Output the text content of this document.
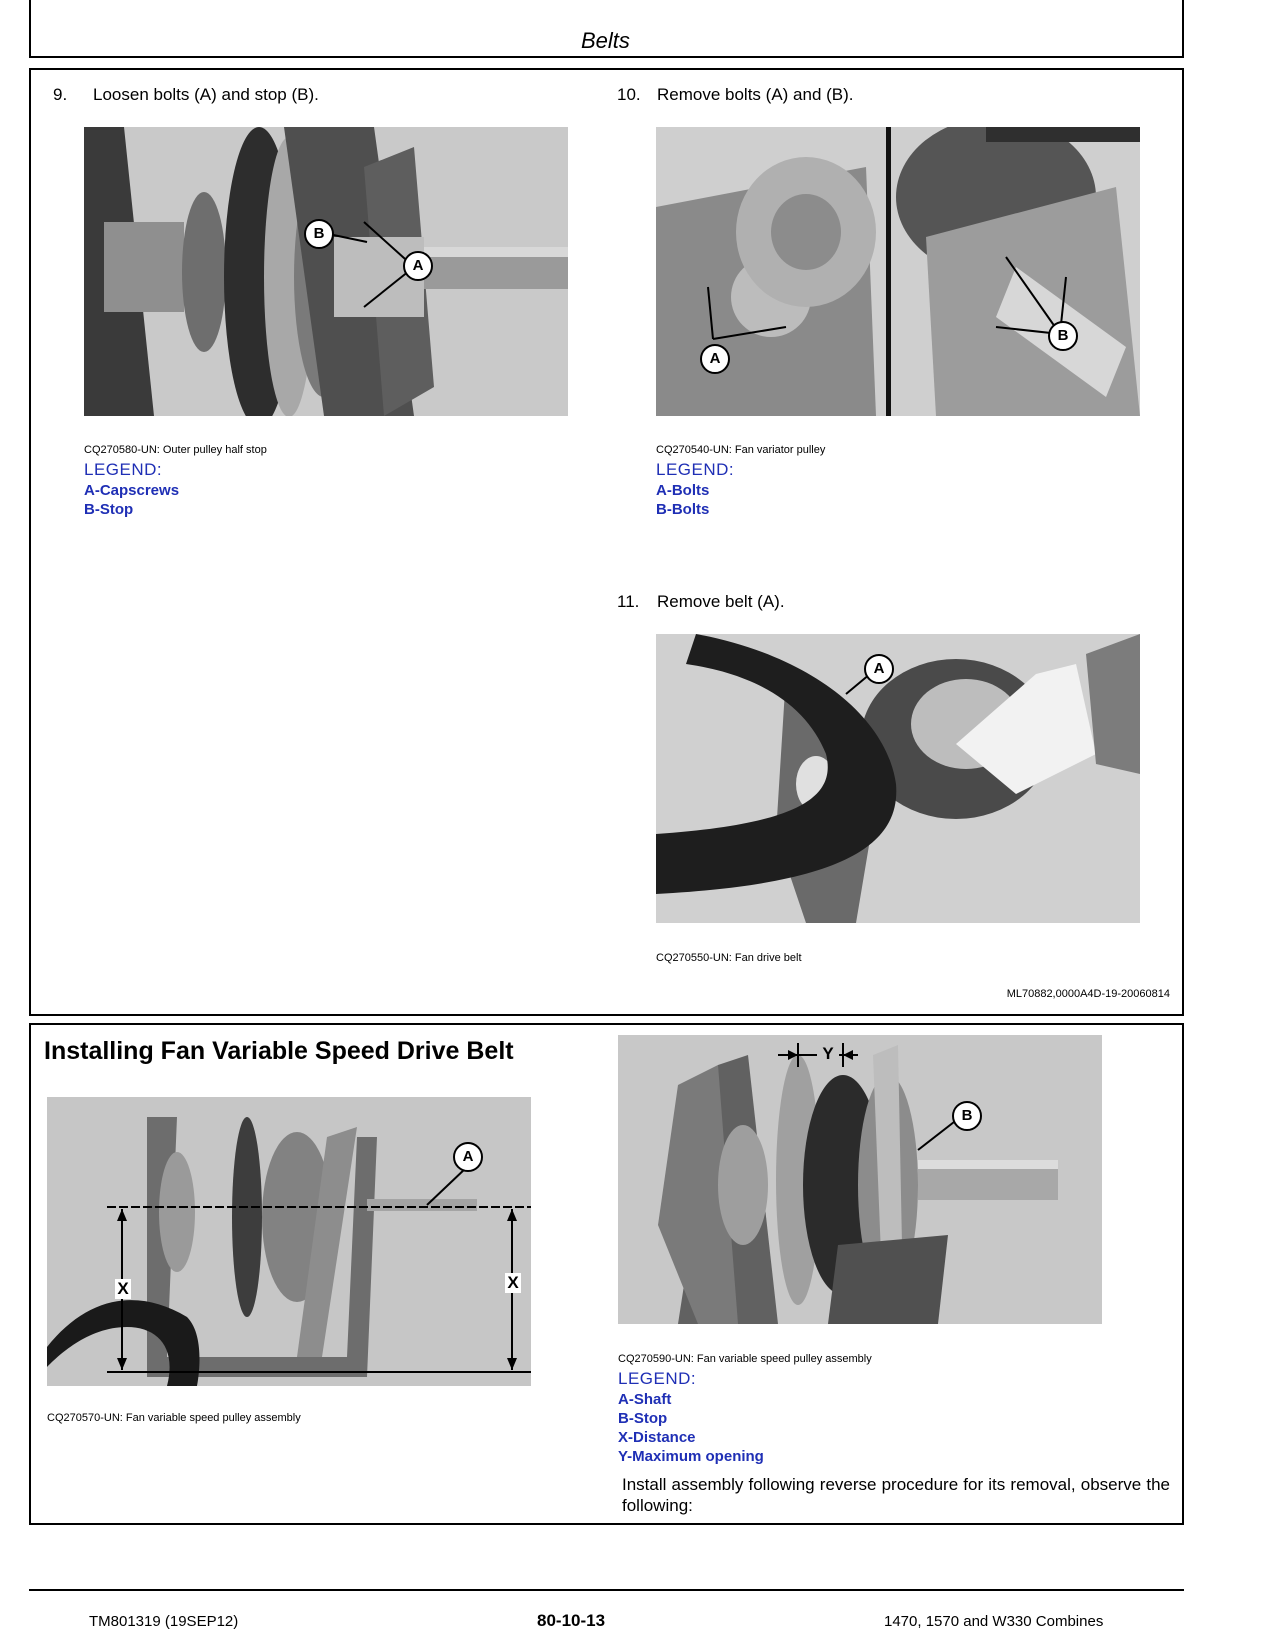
Belts
9. Loosen bolts (A) and stop (B).
B
A
CQ270580-UN: Outer pulley half stop
LEGEND:
A-Capscrews
B-Stop
10. Remove bolts (A) and (B).
A
B
CQ270540-UN: Fan variator pulley
LEGEND:
A-Bolts
B-Bolts
11. Remove belt (A).
A
CQ270550-UN: Fan drive belt
ML70882,0000A4D-19-20060814
Installing Fan Variable Speed Drive Belt
X	X
A
CQ270570-UN: Fan variable speed pulley assembly
Y
B
CQ270590-UN: Fan variable speed pulley assembly
LEGEND:
A-Shaft
B-Stop
X-Distance
Y-Maximum opening
Install assembly following reverse procedure for its removal, observe the following:
TM801319 (19SEP12)	80-10-13	1470, 1570 and W330 Combines
